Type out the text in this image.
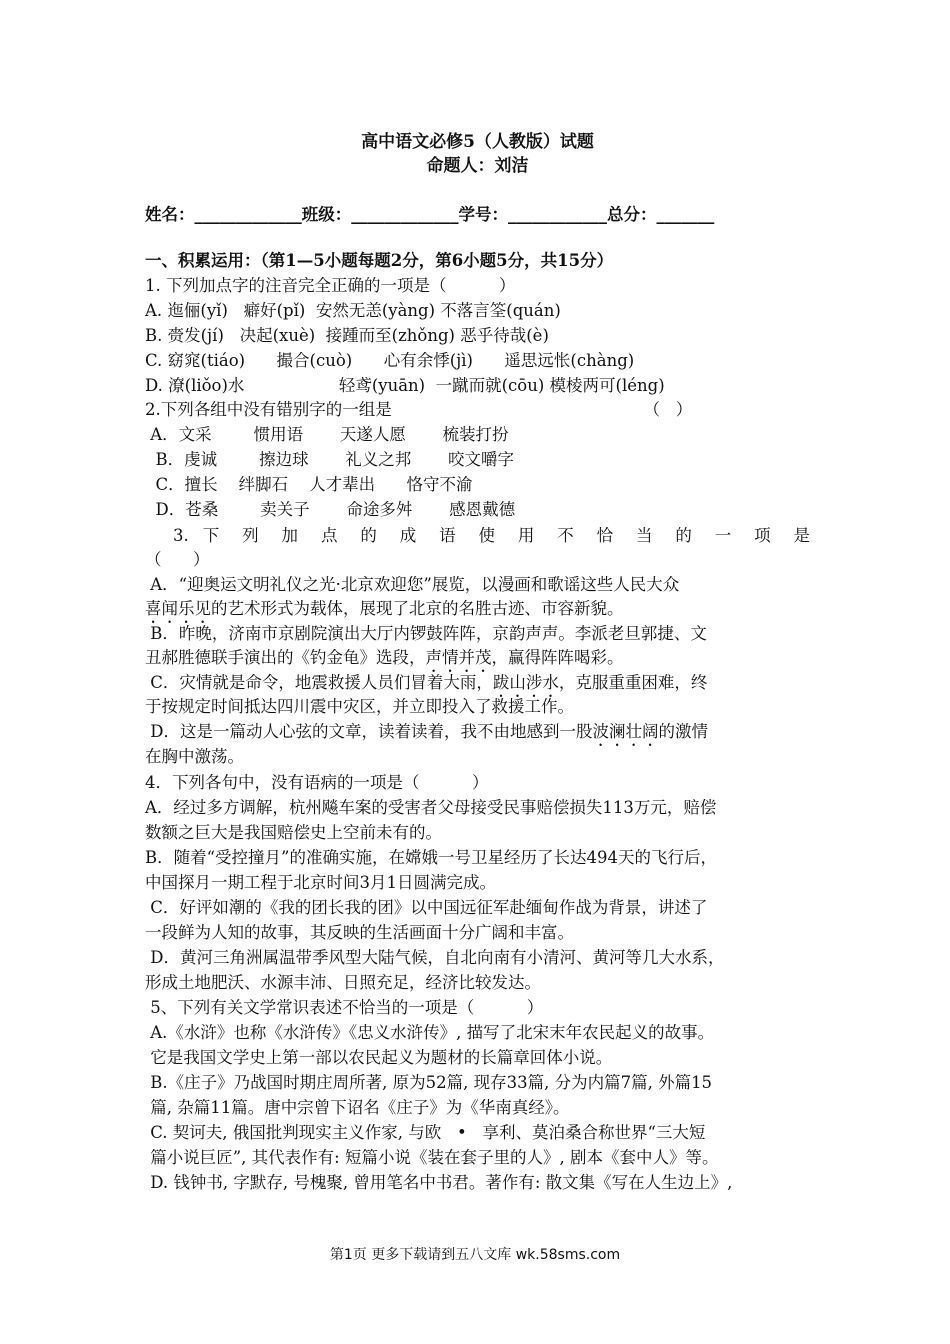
高中语文必修5（人教版）试题
命题人：刘洁
姓名：_____________班级：_____________学号：____________总分：_______
一、积累运用：（第1—5小题每题2分，第6小题5分，共15分）
1. 下列加点字的注音完全正确的一项是（          ）
A. 迤俪(yǐ)   癖好(pǐ)  安然无恙(yàng) 不落言筌(quán)
B. 赍发(jí)   决起(xuè)  接踵而至(zhǒng) 恶乎待哉(è)
C. 窈窕(tiáo)      撮合(cuò)      心有余悸(jì)      遥思远怅(chàng)
D. 潦(liǒo)水                  轻鸢(yuān)  一蹴而就(cōu) 模棱两可(léng)
2.下列各组中没有错别字的一组是                                                （   ）
A．文采        惯用语       天遂人愿       梳装打扮
B．虔诚        擦边球       礼义之邦       咬文嚼字
C．擅长    绊脚石    人才辈出      恪守不渝
D．苍桑        卖关子       命途多舛       感恩戴德
3. 下 列 加 点 的 成 语 使 用 不 恰 当 的 一 项 是
（      ）
A．“迎奥运文明礼仪之光·北京欢迎您”展览，以漫画和歌谣这些人民大众
喜闻乐见的艺术形式为载体，展现了北京的名胜古迹、市容新貌。
B．昨晚，济南市京剧院演出大厅内锣鼓阵阵，京韵声声。李派老旦郭捷、文
丑郝胜德联手演出的《钓金龟》选段，声情并茂，赢得阵阵喝彩。
C．灾情就是命令，地震救援人员们冒着大雨，跋山涉水，克服重重困难，终
于按规定时间抵达四川震中灾区，并立即投入了救援工作。
D．这是一篇动人心弦的文章，读着读着，我不由地感到一股波澜壮阔的激情
在胸中激荡。
4．下列各句中，没有语病的一项是（          ）
A．经过多方调解，杭州飚车案的受害者父母接受民事赔偿损失113万元，赔偿
数额之巨大是我国赔偿史上空前未有的。
B．随着“受控撞月”的准确实施，在嫦娥一号卫星经历了长达494天的飞行后，
中国探月一期工程于北京时间3月1日圆满完成。
C．好评如潮的《我的团长我的团》以中国远征军赴缅甸作战为背景，讲述了
一段鲜为人知的故事，其反映的生活画面十分广阔和丰富。
D．黄河三角洲属温带季风型大陆气候，自北向南有小清河、黄河等几大水系，
形成土地肥沃、水源丰沛、日照充足，经济比较发达。
5、下列有关文学常识表述不恰当的一项是（          ）
A.《水浒》也称《水浒传》《忠义水浒传》, 描写了北宋末年农民起义的故事。
它是我国文学史上第一部以农民起义为题材的长篇章回体小说。
B.《庄子》乃战国时期庄周所著, 原为52篇, 现存33篇, 分为内篇7篇, 外篇15
篇, 杂篇11篇。唐中宗曾下诏名《庄子》为《华南真经》。
C. 契诃夫, 俄国批判现实主义作家, 与欧   •   享利、莫泊桑合称世界“三大短
篇小说巨匠”, 其代表作有: 短篇小说《装在套子里的人》, 剧本《套中人》等。
D. 钱钟书, 字默存, 号槐聚, 曾用笔名中书君。著作有: 散文集《写在人生边上》,
第1页 更多下载请到五八文库 wk.58sms.com
